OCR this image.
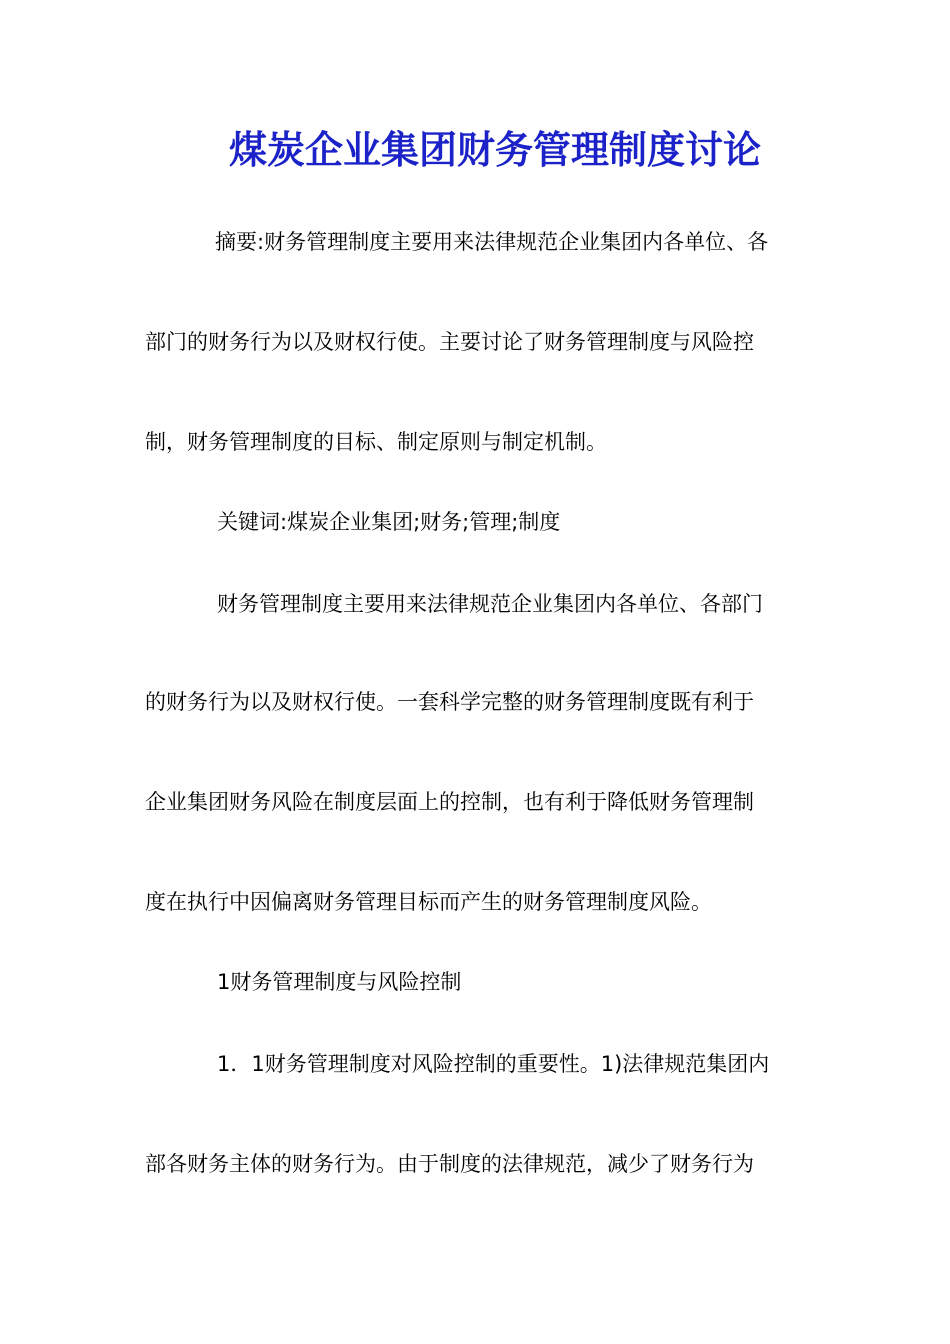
煤炭企业集团财务管理制度讨论
摘要:财务管理制度主要用来法律规范企业集团内各单位、各
部门的财务行为以及财权行使。主要讨论了财务管理制度与风险控
制，财务管理制度的目标、制定原则与制定机制。
关键词:煤炭企业集团;财务;管理;制度
财务管理制度主要用来法律规范企业集团内各单位、各部门
的财务行为以及财权行使。一套科学完整的财务管理制度既有利于
企业集团财务风险在制度层面上的控制，也有利于降低财务管理制
度在执行中因偏离财务管理目标而产生的财务管理制度风险。
1财务管理制度与风险控制
1．1财务管理制度对风险控制的重要性。1)法律规范集团内
部各财务主体的财务行为。由于制度的法律规范，减少了财务行为
